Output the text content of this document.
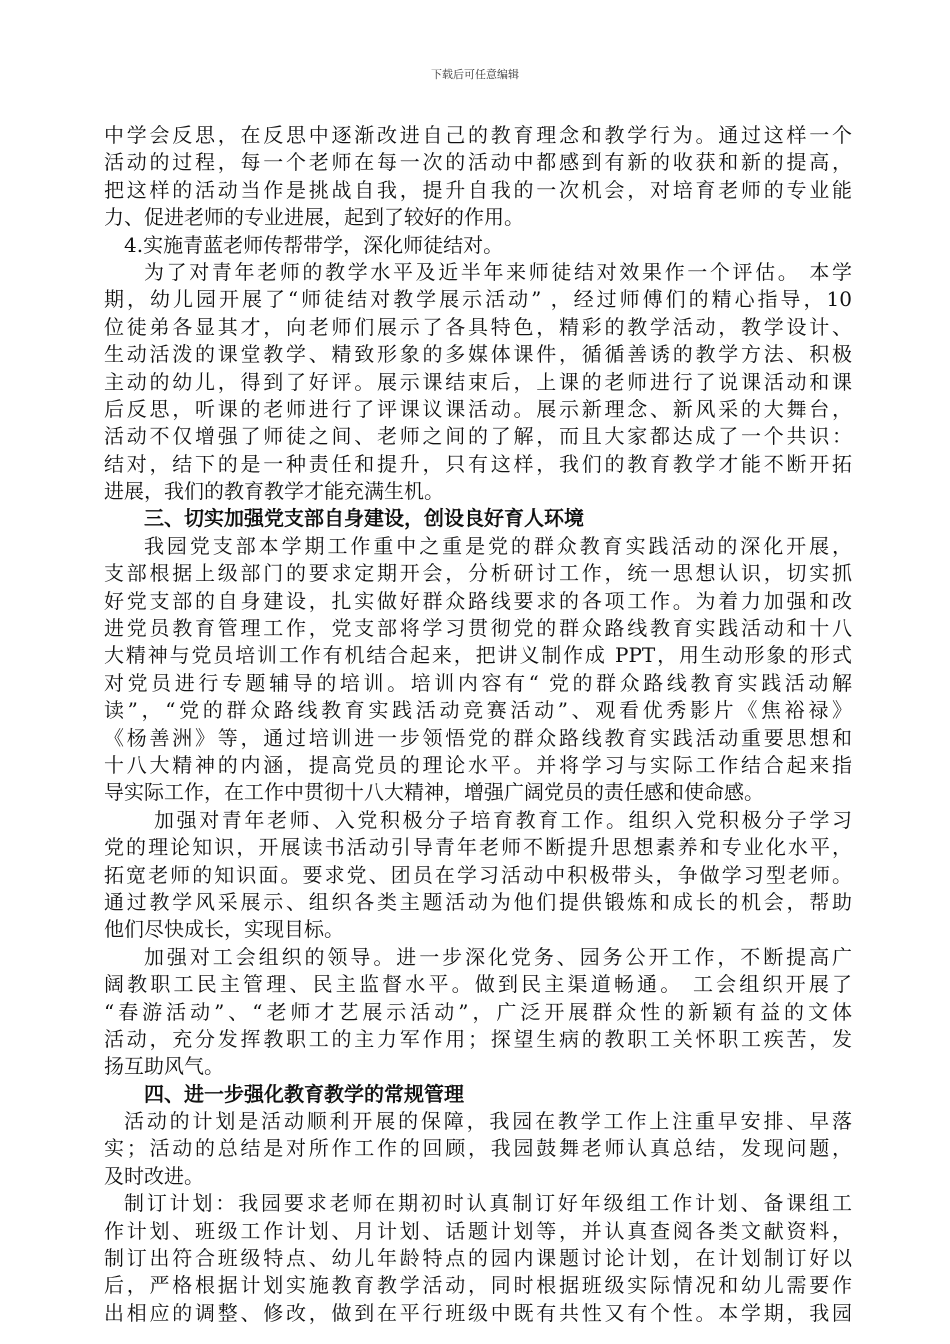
下载后可任意编辑
中学会反思，在反思中逐渐改进自己的教育理念和教学行为。通过这样一个
活动的过程，每一个老师在每一次的活动中都感到有新的收获和新的提高，
把这样的活动当作是挑战自我，提升自我的一次机会，对培育老师的专业能
力、促进老师的专业进展，起到了较好的作用。
4.实施青蓝老师传帮带学，深化师徒结对。
为了对青年老师的教学水平及近半年来师徒结对效果作一个评估。 本学
期，幼儿园开展了“师徒结对教学展示活动” ，经过师傅们的精心指导，10
位徒弟各显其才，向老师们展示了各具特色，精彩的教学活动，教学设计、
生动活泼的课堂教学、精致形象的多媒体课件，循循善诱的教学方法、积极
主动的幼儿，得到了好评。展示课结束后，上课的老师进行了说课活动和课
后反思，听课的老师进行了评课议课活动。展示新理念、新风采的大舞台，
活动不仅增强了师徒之间、老师之间的了解，而且大家都达成了一个共识：
结对，结下的是一种责任和提升，只有这样，我们的教育教学才能不断开拓
进展，我们的教育教学才能充满生机。
三、切实加强党支部自身建设，创设良好育人环境
我园党支部本学期工作重中之重是党的群众教育实践活动的深化开展，
支部根据上级部门的要求定期开会，分析研讨工作，统一思想认识，切实抓
好党支部的自身建设，扎实做好群众路线要求的各项工作。为着力加强和改
进党员教育管理工作，党支部将学习贯彻党的群众路线教育实践活动和十八
大精神与党员培训工作有机结合起来，把讲义制作成 PPT，用生动形象的形式
对党员进行专题辅导的培训。培训内容有“ 党的群众路线教育实践活动解
读”，“党的群众路线教育实践活动竞赛活动”、观看优秀影片《焦裕禄》
《杨善洲》等，通过培训进一步领悟党的群众路线教育实践活动重要思想和
十八大精神的内涵，提高党员的理论水平。并将学习与实际工作结合起来指
导实际工作，在工作中贯彻十八大精神，增强广阔党员的责任感和使命感。
加强对青年老师、入党积极分子培育教育工作。组织入党积极分子学习
党的理论知识，开展读书活动引导青年老师不断提升思想素养和专业化水平，
拓宽老师的知识面。要求党、团员在学习活动中积极带头，争做学习型老师。
通过教学风采展示、组织各类主题活动为他们提供锻炼和成长的机会，帮助
他们尽快成长，实现目标。
加强对工会组织的领导。进一步深化党务、园务公开工作，不断提高广
阔教职工民主管理、民主监督水平。做到民主渠道畅通。 工会组织开展了
“春游活动”、“老师才艺展示活动”，广泛开展群众性的新颖有益的文体
活动，充分发挥教职工的主力军作用；探望生病的教职工关怀职工疾苦，发
扬互助风气。
四、进一步强化教育教学的常规管理
活动的计划是活动顺利开展的保障，我园在教学工作上注重早安排、早落
实；活动的总结是对所作工作的回顾，我园鼓舞老师认真总结，发现问题，
及时改进。
制订计划：我园要求老师在期初时认真制订好年级组工作计划、备课组工
作计划、班级工作计划、月计划、话题计划等，并认真查阅各类文献资料，
制订出符合班级特点、幼儿年龄特点的园内课题讨论计划，在计划制订好以
后，严格根据计划实施教育教学活动，同时根据班级实际情况和幼儿需要作
出相应的调整、修改，做到在平行班级中既有共性又有个性。本学期，我园
